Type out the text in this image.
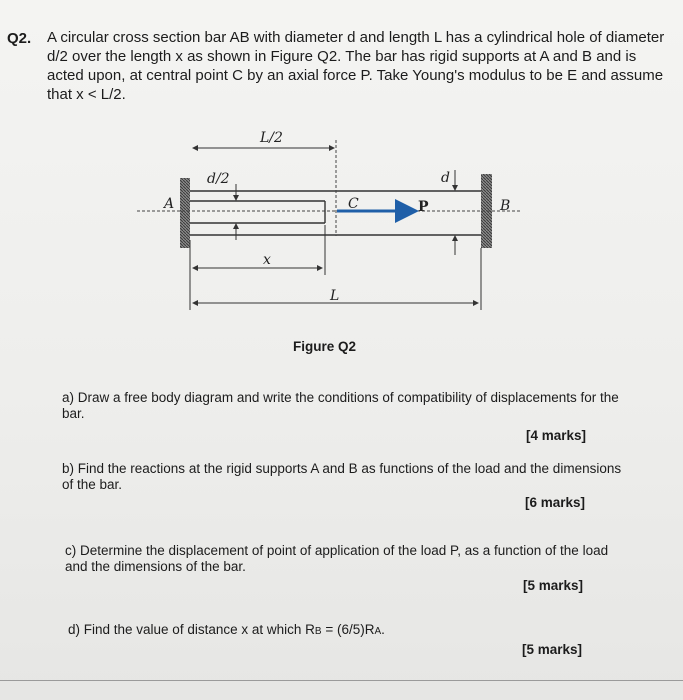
Q2. A circular cross section bar AB with diameter d and length L has a cylindrical hole of diameter d/2 over the length x as shown in Figure Q2. The bar has rigid supports at A and B and is acted upon, at central point C by an axial force P. Take Young's modulus to be E and assume that x < L/2.
L/2
d/2	d
A	B
C	P
x
L
Figure Q2
a) Draw a free body diagram and write the conditions of compatibility of displacements for the bar.
[4 marks]
b) Find the reactions at the rigid supports A and B as functions of the load and the dimensions of the bar.
[6 marks]
c) Determine the displacement of point of application of the load P, as a function of the load and the dimensions of the bar.
[5 marks]
d) Find the value of distance x at which RB = (6/5)RA.
[5 marks]
